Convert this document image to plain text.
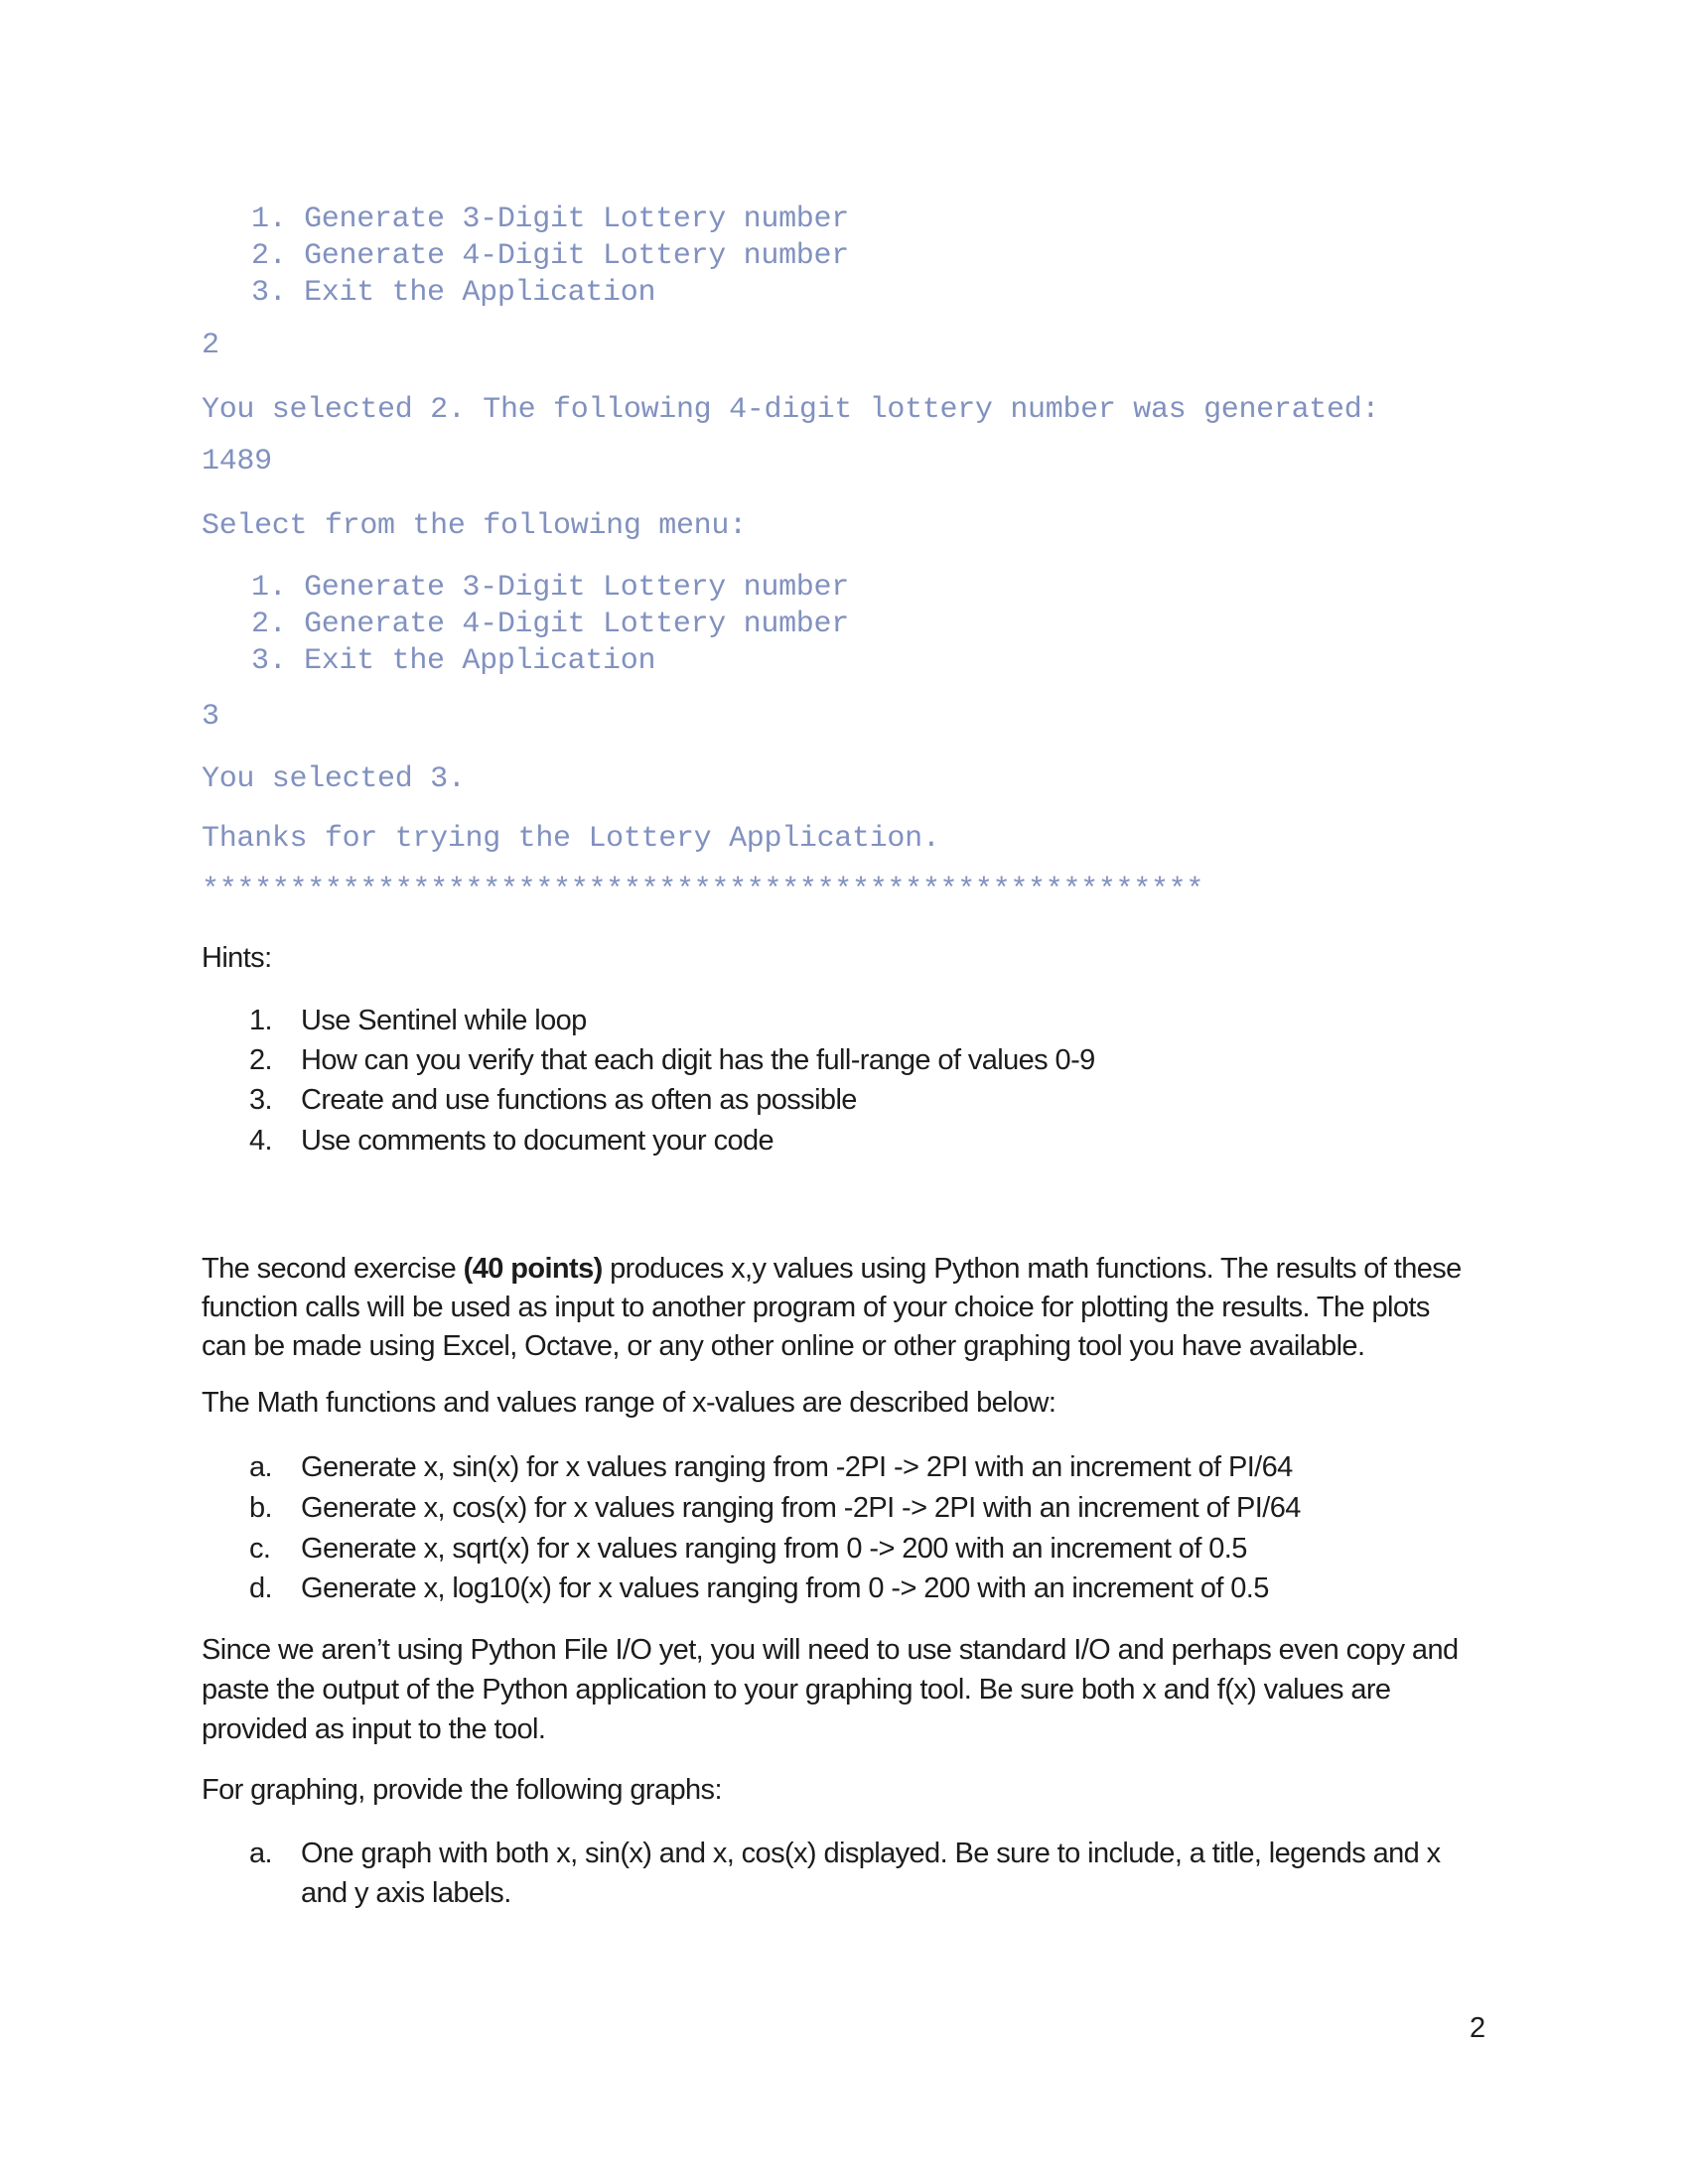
1. Generate 3-Digit Lottery number
2. Generate 4-Digit Lottery number
3. Exit the Application
2
You selected 2. The following 4-digit lottery number was generated:
1489
Select from the following menu:
1. Generate 3-Digit Lottery number
2. Generate 4-Digit Lottery number
3. Exit the Application
3
You selected 3.
Thanks for trying the Lottery Application.
*********************************************************
Hints:
1. Use Sentinel while loop
2. How can you verify that each digit has the full-range of values 0-9
3. Create and use functions as often as possible
4. Use comments to document your code
The second exercise (40 points) produces x,y values using Python math functions. The results of these
function calls will be used as input to another program of your choice for plotting the results. The plots
can be made using Excel, Octave, or any other online or other graphing tool you have available.
The Math functions and values range of x-values are described below:
a. Generate x, sin(x) for x values ranging from -2PI -> 2PI with an increment of PI/64
b. Generate x, cos(x) for x values ranging from -2PI -> 2PI with an increment of PI/64
c. Generate x, sqrt(x) for x values ranging from 0 -> 200 with an increment of 0.5
d. Generate x, log10(x) for x values ranging from 0 -> 200 with an increment of 0.5
Since we aren’t using Python File I/O yet, you will need to use standard I/O and perhaps even copy and
paste the output of the Python application to your graphing tool. Be sure both x and f(x) values are
provided as input to the tool.
For graphing, provide the following graphs:
a. One graph with both x, sin(x) and x, cos(x) displayed. Be sure to include, a title, legends and x
and y axis labels.
2
